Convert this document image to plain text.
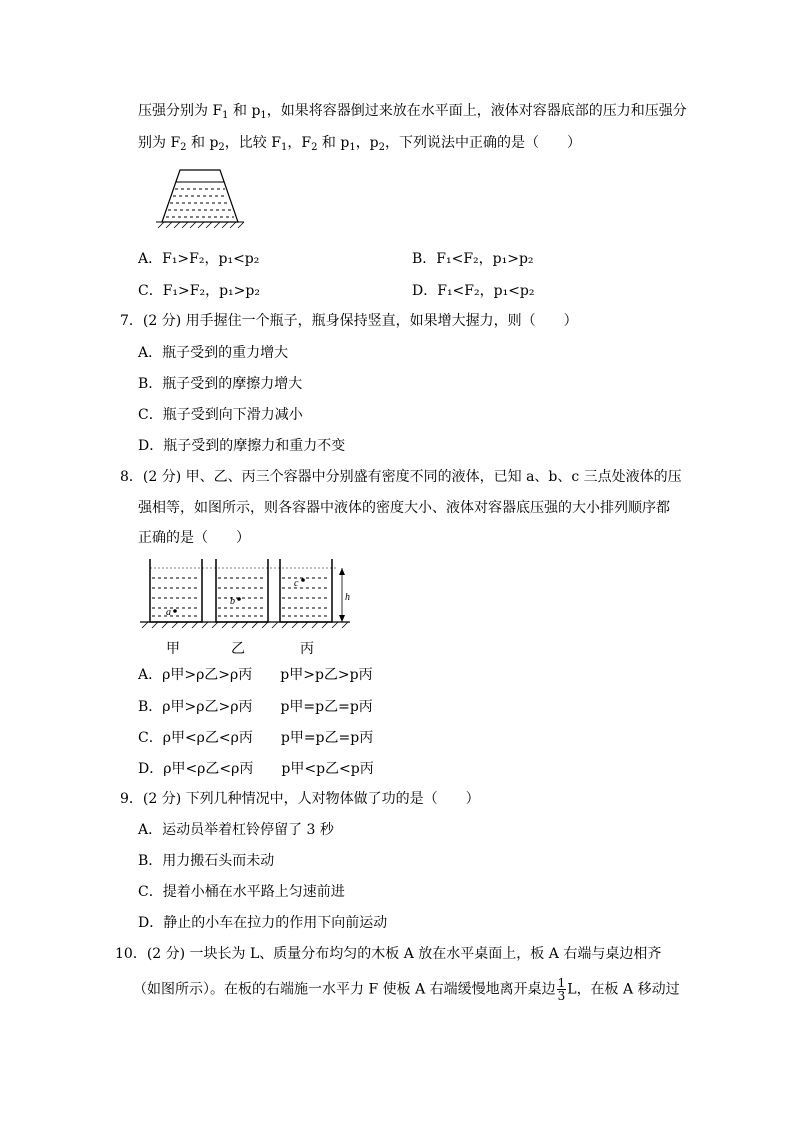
压强分别为 $F_1$ 和 $p_1$，如果将容器倒过来放在水平面上，液体对容器底部的压力和压强分
别为 $F_2$ 和 $p_2$，比较 $F_1$，$F_2$ 和 $p_1$，$p_2$，下列说法中正确的是（　　）
A．F₁>F₂，p₁<p₂	B．F₁<F₂，p₁>p₂
C．F₁>F₂，p₁>p₂	D．F₁<F₂，p₁<p₂
7．(2 分) 用手握住一个瓶子，瓶身保持竖直，如果增大握力，则（　　）
A．瓶子受到的重力增大
B．瓶子受到的摩擦力增大
C．瓶子受到向下滑力减小
D．瓶子受到的摩擦力和重力不变
8．(2 分) 甲、乙、丙三个容器中分别盛有密度不同的液体，已知 a、b、c 三点处液体的压
强相等，如图所示，则各容器中液体的密度大小、液体对容器底压强的大小排列顺序都
正确的是（　　）
a
b
c
h
甲	乙	丙
A．ρ甲>ρ乙>ρ丙　　p甲>p乙>p丙
B．ρ甲>ρ乙>ρ丙　　p甲=p乙=p丙
C．ρ甲<ρ乙<ρ丙　　p甲=p乙=p丙
D．ρ甲<ρ乙<ρ丙　　p甲<p乙<p丙
9．(2 分) 下列几种情况中，人对物体做了功的是（　　）
A．运动员举着杠铃停留了 3 秒
B．用力搬石头而未动
C．提着小桶在水平路上匀速前进
D．静止的小车在拉力的作用下向前运动
10．(2 分) 一块长为 L、质量分布均匀的木板 A 放在水平桌面上，板 A 右端与桌边相齐
（如图所示）。在板的右端施一水平力 F 使板 A 右端缓慢地离开桌边 $\frac{1}{3}$ L，在板 A 移动过
